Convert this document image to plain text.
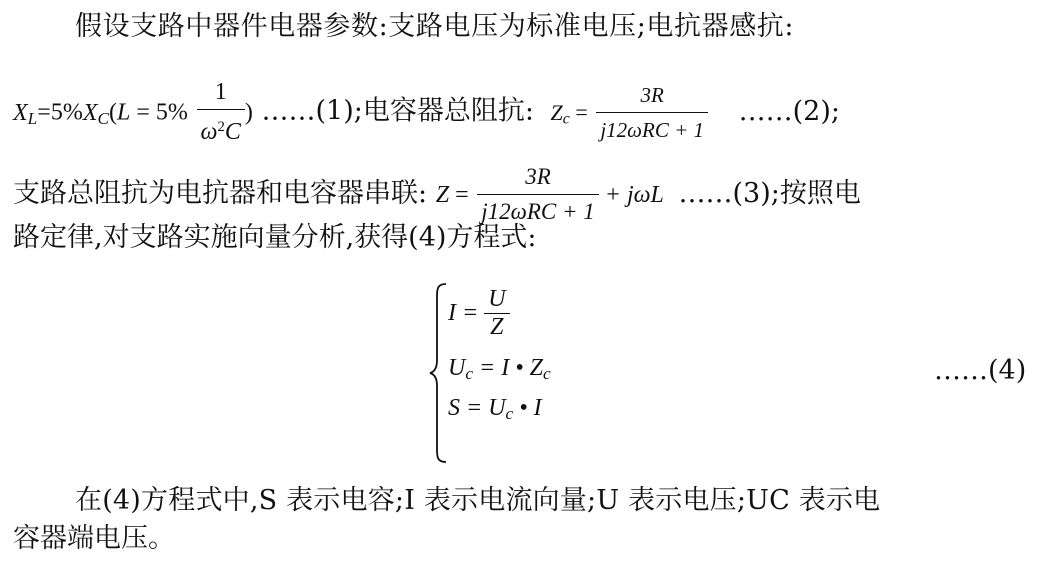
假设支路中器件电器参数:支路电压为标准电压;电抗器感抗:
$X_L=5\%X_C(L = 5\% \frac{1}{\omega^2C}$ ) ……(1);电容器总阻抗: $Z_c = \frac{3R}{\text{j12ωRC + 1}}$ ……(2);
支路总阻抗为电抗器和电容器串联: $Z = \frac{3R}{\text{j12ωRC + 1}} + j\omega L$ ……(3);按照电
路定律,对支路实施向量分析,获得(4)方程式:
$I = \frac{U}{Z}$
$U_c = I$ • $Z_c$
$S = U_c$ • I
……(4)
在(4)方程式中,S 表示电容;I 表示电流向量;U 表示电压;UC 表示电
容器端电压。
